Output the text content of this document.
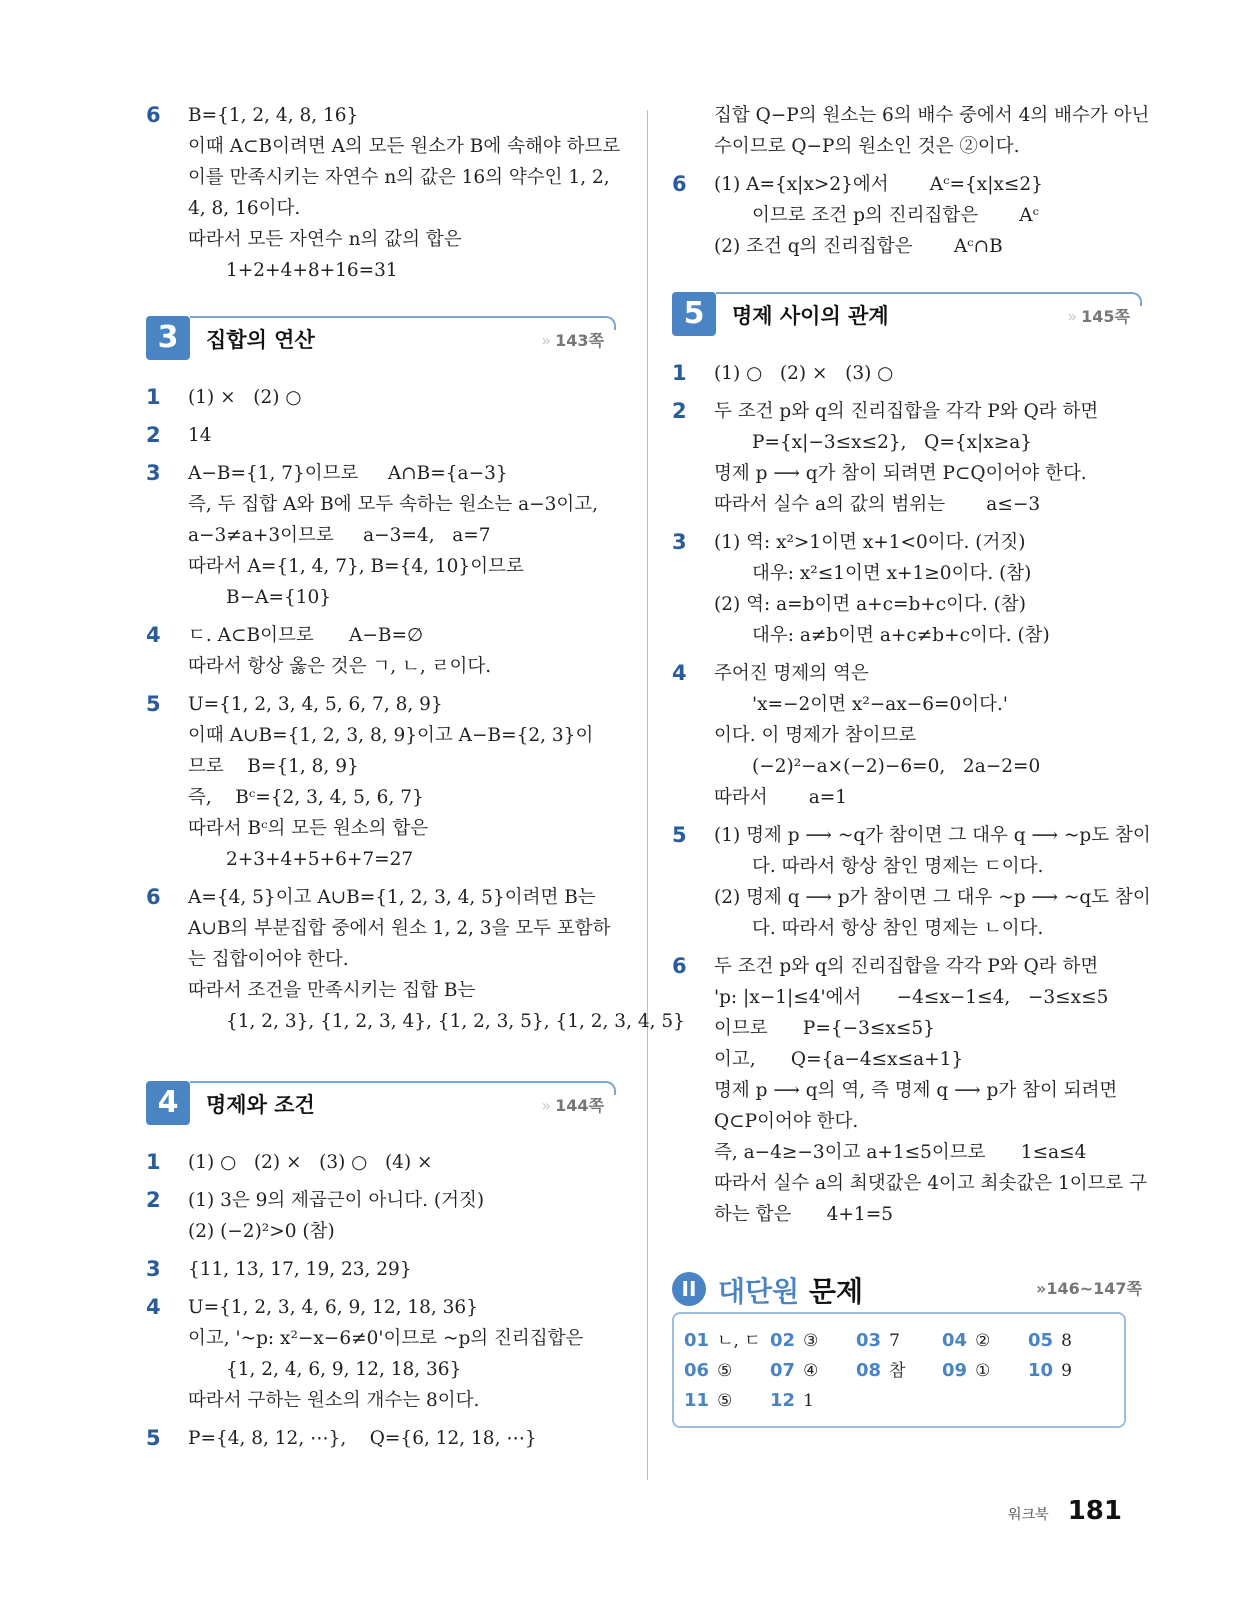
6 B={1, 2, 4, 8, 16}
이때 A⊂B이려면 A의 모든 원소가 B에 속해야 하므로
이를 만족시키는 자연수 n의 값은 16의 약수인 1, 2,
4, 8, 16이다.
따라서 모든 자연수 n의 값의 합은
1+2+4+8+16=31
3	집합의 연산	» 143쪽
1 (1) ×   (2) ○
2 14
3 A−B={1, 7}이므로     A∩B={a−3}
즉, 두 집합 A와 B에 모두 속하는 원소는 a−3이고,
a−3≠a+3이므로     a−3=4,   a=7
따라서 A={1, 4, 7}, B={4, 10}이므로
B−A={10}
4 ㄷ. A⊂B이므로      A−B=∅
따라서 항상 옳은 것은 ㄱ, ㄴ, ㄹ이다.
5 U={1, 2, 3, 4, 5, 6, 7, 8, 9}
이때 A∪B={1, 2, 3, 8, 9}이고 A−B={2, 3}이
므로    B={1, 8, 9}
즉,    Bᶜ={2, 3, 4, 5, 6, 7}
따라서 Bᶜ의 모든 원소의 합은
2+3+4+5+6+7=27
6 A={4, 5}이고 A∪B={1, 2, 3, 4, 5}이려면 B는
A∪B의 부분집합 중에서 원소 1, 2, 3을 모두 포함하
는 집합이어야 한다.
따라서 조건을 만족시키는 집합 B는
{1, 2, 3}, {1, 2, 3, 4}, {1, 2, 3, 5}, {1, 2, 3, 4, 5}
4	명제와 조건	» 144쪽
1 (1) ○   (2) ×   (3) ○   (4) ×
2 (1) 3은 9의 제곱근이 아니다. (거짓)
(2) (−2)²>0 (참)
3 {11, 13, 17, 19, 23, 29}
4 U={1, 2, 3, 4, 6, 9, 12, 18, 36}
이고, '~p: x²−x−6≠0'이므로 ~p의 진리집합은
{1, 2, 4, 6, 9, 12, 18, 36}
따라서 구하는 원소의 개수는 8이다.
5 P={4, 8, 12, ⋯},    Q={6, 12, 18, ⋯}
집합 Q−P의 원소는 6의 배수 중에서 4의 배수가 아닌
수이므로 Q−P의 원소인 것은 ②이다.
6 (1) A={x|x>2}에서       Aᶜ={x|x≤2}
이므로 조건 p의 진리집합은       Aᶜ
(2) 조건 q의 진리집합은       Aᶜ∩B
5	명제 사이의 관계	» 145쪽
1 (1) ○   (2) ×   (3) ○
2 두 조건 p와 q의 진리집합을 각각 P와 Q라 하면
P={x|−3≤x≤2},   Q={x|x≥a}
명제 p ⟶ q가 참이 되려면 P⊂Q이어야 한다.
따라서 실수 a의 값의 범위는       a≤−3
3 (1) 역: x²>1이면 x+1<0이다. (거짓)
대우: x²≤1이면 x+1≥0이다. (참)
(2) 역: a=b이면 a+c=b+c이다. (참)
대우: a≠b이면 a+c≠b+c이다. (참)
4 주어진 명제의 역은
'x=−2이면 x²−ax−6=0이다.'
이다. 이 명제가 참이므로
(−2)²−a×(−2)−6=0,   2a−2=0
따라서       a=1
5 (1) 명제 p ⟶ ~q가 참이면 그 대우 q ⟶ ~p도 참이
다. 따라서 항상 참인 명제는 ㄷ이다.
(2) 명제 q ⟶ p가 참이면 그 대우 ~p ⟶ ~q도 참이
다. 따라서 항상 참인 명제는 ㄴ이다.
6 두 조건 p와 q의 진리집합을 각각 P와 Q라 하면
'p: |x−1|≤4'에서      −4≤x−1≤4,   −3≤x≤5
이므로      P={−3≤x≤5}
이고,      Q={a−4≤x≤a+1}
명제 p ⟶ q의 역, 즉 명제 q ⟶ p가 참이 되려면
Q⊂P이어야 한다.
즉, a−4≥−3이고 a+1≤5이므로      1≤a≤4
따라서 실수 a의 최댓값은 4이고 최솟값은 1이므로 구
하는 합은      4+1=5
II 대단원 문제	»146~147쪽
01 ㄴ, ㄷ 02 ③	03 7	04 ②	05 8
06 ⑤	07 ④	08 참	09 ①	10 9
11 ⑤	12 1
워크북 181
